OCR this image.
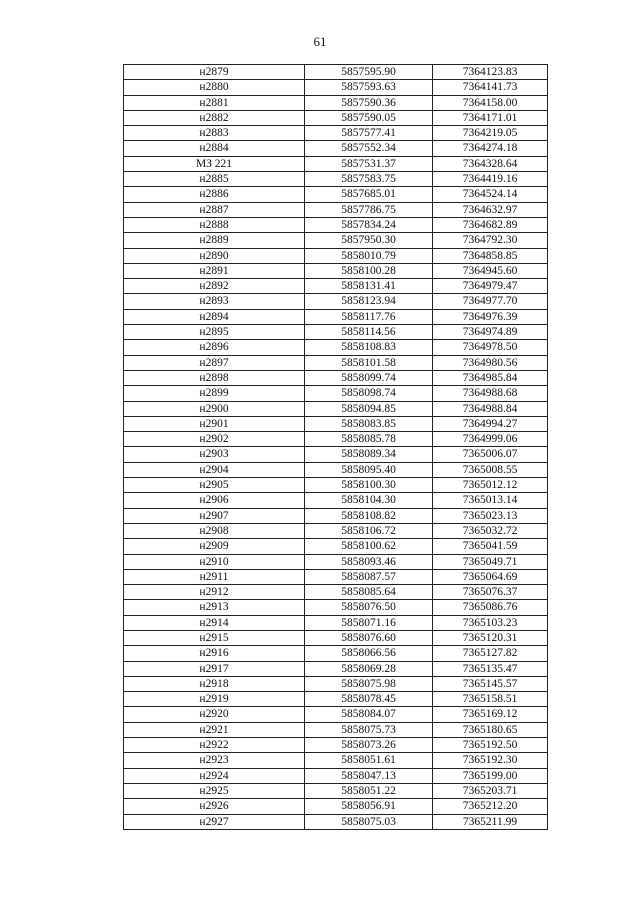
61
н2879	5857595.90	7364123.83
н2880	5857593.63	7364141.73
н2881	5857590.36	7364158.00
н2882	5857590.05	7364171.01
н2883	5857577.41	7364219.05
н2884	5857552.34	7364274.18
МЗ 221	5857531.37	7364328.64
н2885	5857583.75	7364419.16
н2886	5857685.01	7364524.14
н2887	5857786.75	7364632.97
н2888	5857834.24	7364682.89
н2889	5857950.30	7364792.30
н2890	5858010.79	7364858.85
н2891	5858100.28	7364945.60
н2892	5858131.41	7364979.47
н2893	5858123.94	7364977.70
н2894	5858117.76	7364976.39
н2895	5858114.56	7364974.89
н2896	5858108.83	7364978.50
н2897	5858101.58	7364980.56
н2898	5858099.74	7364985.84
н2899	5858098.74	7364988.68
н2900	5858094.85	7364988.84
н2901	5858083.85	7364994.27
н2902	5858085.78	7364999.06
н2903	5858089.34	7365006.07
н2904	5858095.40	7365008.55
н2905	5858100.30	7365012.12
н2906	5858104.30	7365013.14
н2907	5858108.82	7365023.13
н2908	5858106.72	7365032.72
н2909	5858100.62	7365041.59
н2910	5858093.46	7365049.71
н2911	5858087.57	7365064.69
н2912	5858085.64	7365076.37
н2913	5858076.50	7365086.76
н2914	5858071.16	7365103.23
н2915	5858076.60	7365120.31
н2916	5858066.56	7365127.82
н2917	5858069.28	7365135.47
н2918	5858075.98	7365145.57
н2919	5858078.45	7365158.51
н2920	5858084.07	7365169.12
н2921	5858075.73	7365180.65
н2922	5858073.26	7365192.50
н2923	5858051.61	7365192.30
н2924	5858047.13	7365199.00
н2925	5858051.22	7365203.71
н2926	5858056.91	7365212.20
н2927	5858075.03	7365211.99
